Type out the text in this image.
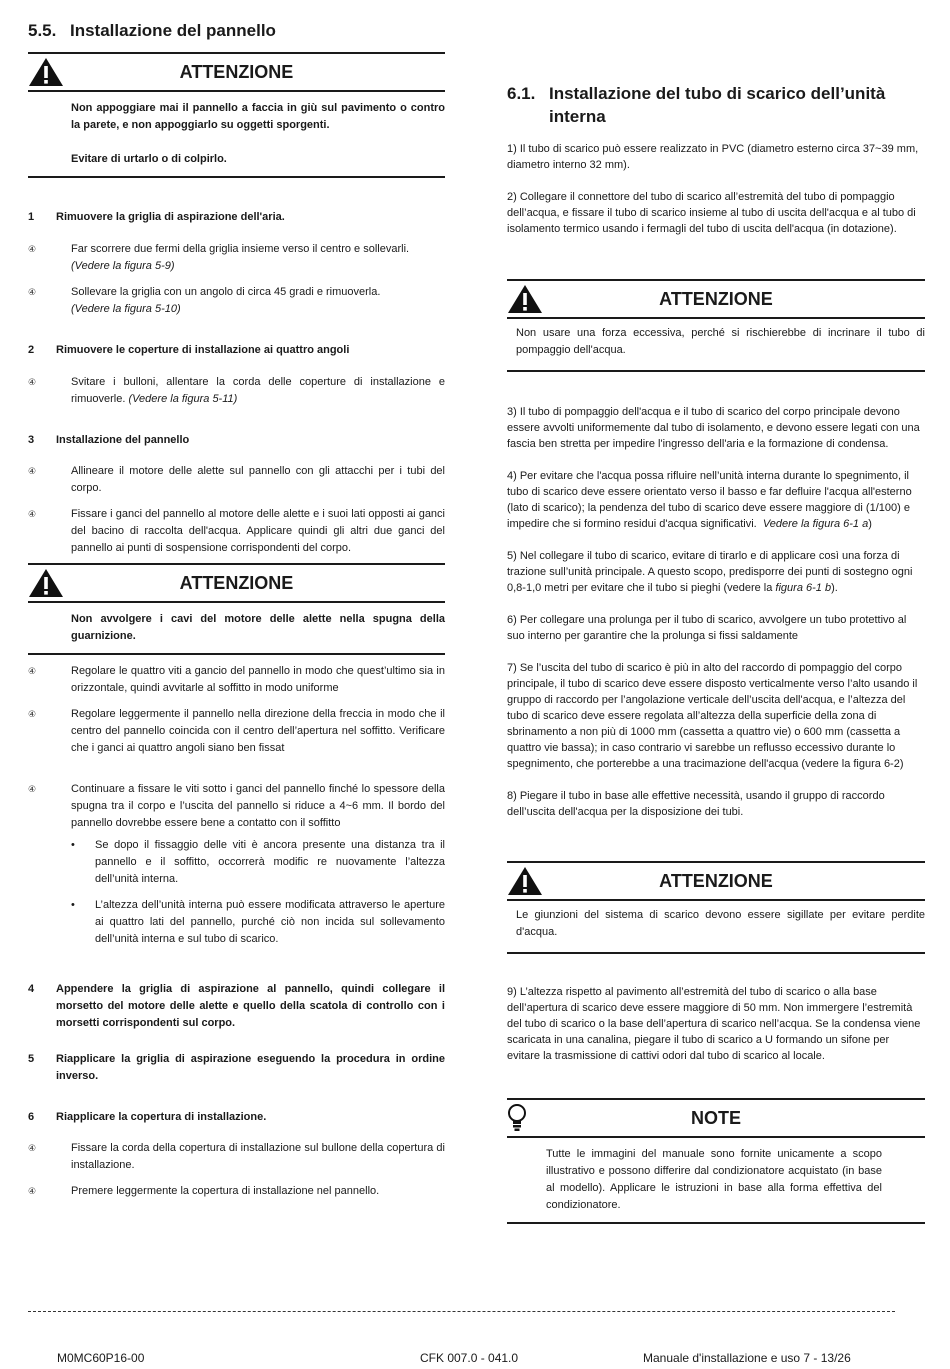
5.5. Installazione del pannello
ATTENZIONE

Non appoggiare mai il pannello a faccia in giù sul pavimento o contro la parete, e non appoggiarlo su oggetti sporgenti.

Evitare di urtarlo o di colpirlo.

1	Rimuovere la griglia di aspirazione dell'aria.
④	Far scorrere due fermi della griglia insieme verso il centro e sollevarli.
(Vedere la figura 5-9)
④	Sollevare la griglia con un angolo di circa 45 gradi e rimuoverla.
(Vedere la figura 5-10)
2	Rimuovere le coperture di installazione ai quattro angoli
④	Svitare i bulloni, allentare la corda delle coperture di installazione e rimuoverle. (Vedere la figura 5-11)
3	Installazione del pannello
④	Allineare il motore delle alette sul pannello con gli attacchi per i tubi del corpo.
④	Fissare i ganci del pannello al motore delle alette e i suoi lati opposti ai ganci del bacino di raccolta dell'acqua. Applicare quindi gli altri due ganci del pannello ai punti di sospensione corrispondenti del corpo.
ATTENZIONE

Non avvolgere i cavi del motore delle alette nella spugna della guarnizione.

④	Regolare le quattro viti a gancio del pannello in modo che quest’ultimo sia in orizzontale, quindi avvitarle al soffitto in modo uniforme
④	Regolare leggermente il pannello nella direzione della freccia in modo che il centro del pannello coincida con il centro dell’apertura nel soffitto. Verificare che i ganci ai quattro angoli siano ben fissat
④	Continuare a fissare le viti sotto i ganci del pannello finché lo spessore della spugna tra il corpo e l’uscita del pannello si riduce a 4~6 mm. Il bordo del pannello dovrebbe essere bene a contatto con il soffitto
•	Se dopo il fissaggio delle viti è ancora presente una distanza tra il pannello e il soffitto, occorrerà modific re nuovamente l’altezza dell’unità interna.
•	L’altezza dell’unità interna può essere modificata attraverso le aperture ai quattro lati del pannello, purché ciò non incida sul sollevamento dell’unità interna e sul tubo di scarico.
4	Appendere la griglia di aspirazione al pannello, quindi collegare il morsetto del motore delle alette e quello della scatola di controllo con i morsetti corrispondenti sul corpo.
5	Riapplicare la griglia di aspirazione eseguendo la procedura in ordine inverso.
6	Riapplicare la copertura di installazione.
④	Fissare la corda della copertura di installazione sul bullone della copertura di installazione.
④	Premere leggermente la copertura di installazione nel pannello.
6.1. Installazione del tubo di scarico dell’unità interna

1) Il tubo di scarico può essere realizzato in PVC (diametro esterno circa 37~39 mm, diametro interno 32 mm).

2) Collegare il connettore del tubo di scarico all’estremità del tubo di pompaggio dell’acqua, e fissare il tubo di scarico insieme al tubo di uscita dell'acqua e al tubo di isolamento termico usando i fermagli del tubo di uscita dell'acqua (in dotazione).

ATTENZIONE
Non usare una forza eccessiva, perché si rischierebbe di incrinare il tubo di pompaggio dell'acqua.

3) Il tubo di pompaggio dell'acqua e il tubo di scarico del corpo principale devono essere avvolti uniformemente dal tubo di isolamento, e devono essere legati con una fascia ben stretta per impedire l'ingresso dell'aria e la formazione di condensa.

4) Per evitare che l'acqua possa rifluire nell’unità interna durante lo spegnimento, il tubo di scarico deve essere orientato verso il basso e far defluire l'acqua all'esterno (lato di scarico); la pendenza del tubo di scarico deve essere maggiore di (1/100) e impedire che si formino residui d'acqua significativi. Vedere la figura 6-1 a)

5) Nel collegare il tubo di scarico, evitare di tirarlo e di applicare così una forza di trazione sull’unità principale. A questo scopo, predisporre dei punti di sostegno ogni 0,8-1,0 metri per evitare che il tubo si pieghi (vedere la figura 6-1 b).

6) Per collegare una prolunga per il tubo di scarico, avvolgere un tubo protettivo al suo interno per garantire che la prolunga si fissi saldamente

7) Se l’uscita del tubo di scarico è più in alto del raccordo di pompaggio del corpo principale, il tubo di scarico deve essere disposto verticalmente verso l’alto usando il gruppo di raccordo per l’angolazione verticale dell’uscita dell'acqua, e l’altezza del tubo di scarico deve essere regolata all’altezza della superficie della zona di sbrinamento a non più di 1000 mm (cassetta a quattro vie) o 600 mm (cassetta a quattro vie bassa); in caso contrario vi sarebbe un reflusso eccessivo durante lo spegnimento, che porterebbe a una tracimazione dell'acqua (vedere la figura 6-2)

8) Piegare il tubo in base alle effettive necessità, usando il gruppo di raccordo dell’uscita dell'acqua per la disposizione dei tubi.

ATTENZIONE
Le giunzioni del sistema di scarico devono essere sigillate per evitare perdite d'acqua.

9) L’altezza rispetto al pavimento all’estremità del tubo di scarico o alla base dell’apertura di scarico deve essere maggiore di 50 mm. Non immergere l’estremità del tubo di scarico o la base dell’apertura di scarico nell’acqua. Se la condensa viene scaricata in una canalina, piegare il tubo di scarico a U formando un sifone per evitare la trasmissione di cattivi odori dal tubo di scarico al locale.

NOTE
Tutte le immagini del manuale sono fornite unicamente a scopo illustrativo e possono differire dal condizionatore acquistato (in base al modello). Applicare le istruzioni in base alla forma effettiva del condizionatore.
M0MC60P16-00	CFK 007.0 - 041.0	Manuale d'installazione e uso 7 - 13/26
